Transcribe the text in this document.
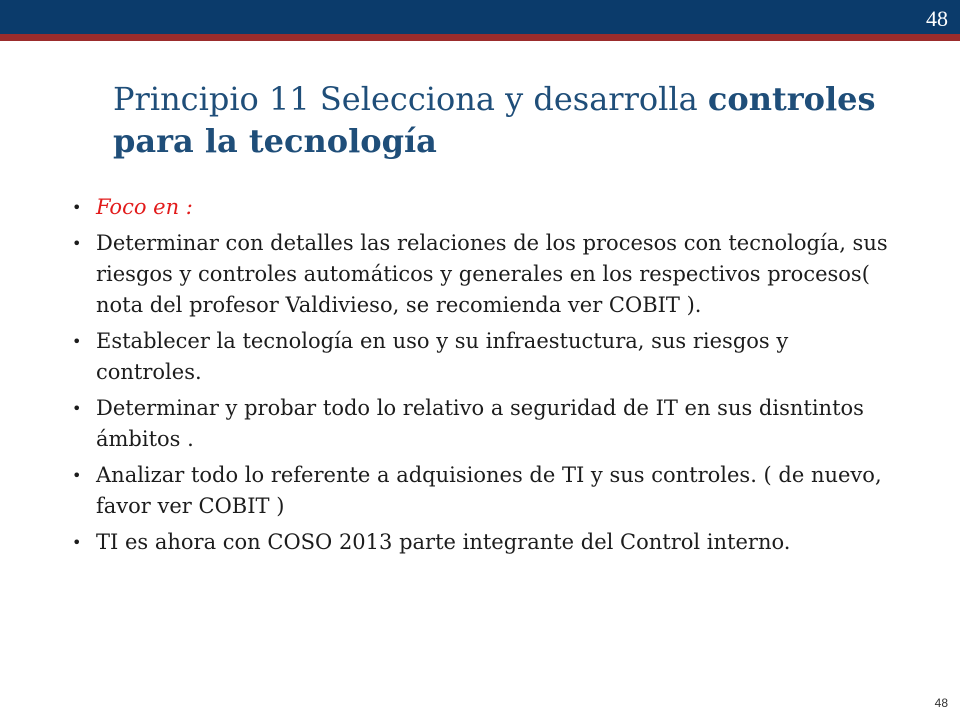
48
Principio 11 Selecciona y desarrolla controles para la tecnología
• Foco en :
• Determinar con detalles las relaciones de los procesos con tecnología, sus riesgos y controles automáticos y generales en los respectivos procesos( nota del profesor Valdivieso, se recomienda ver COBIT ).
• Establecer la tecnología en uso y su infraestuctura, sus riesgos y controles.
• Determinar y probar todo lo relativo a seguridad de IT en sus disntintos ámbitos .
• Analizar todo lo referente a adquisiones de TI y sus controles. ( de nuevo, favor ver COBIT )
• TI es ahora con COSO 2013 parte integrante del Control interno.
48
